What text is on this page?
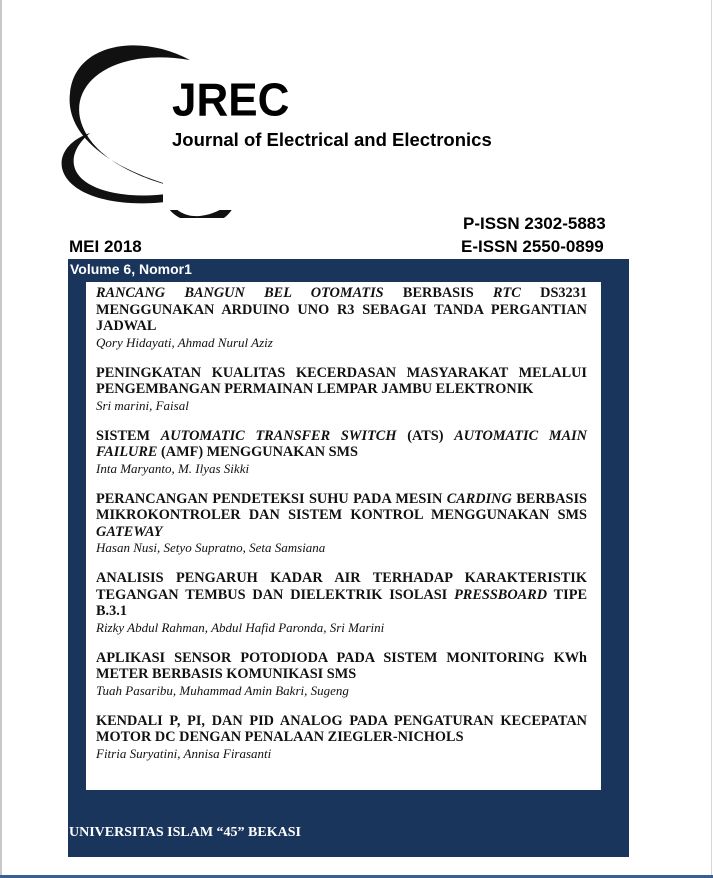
JREC
Journal of Electrical and Electronics
P-ISSN 2302-5883
MEI 2018	E-ISSN 2550-0899
Volume 6, Nomor1
RANCANG BANGUN BEL OTOMATIS BERBASIS RTC DS3231 MENGGUNAKAN ARDUINO UNO R3 SEBAGAI TANDA PERGANTIAN JADWAL
Qory Hidayati, Ahmad Nurul Aziz
PENINGKATAN KUALITAS KECERDASAN MASYARAKAT MELALUI PENGEMBANGAN PERMAINAN LEMPAR JAMBU ELEKTRONIK
Sri marini, Faisal
SISTEM AUTOMATIC TRANSFER SWITCH (ATS) AUTOMATIC MAIN FAILURE (AMF) MENGGUNAKAN SMS
Inta Maryanto, M. Ilyas Sikki
PERANCANGAN PENDETEKSI SUHU PADA MESIN CARDING BERBASIS MIKROKONTROLER DAN SISTEM KONTROL MENGGUNAKAN SMS GATEWAY
Hasan Nusi, Setyo Supratno, Seta Samsiana
ANALISIS PENGARUH KADAR AIR TERHADAP KARAKTERISTIK TEGANGAN TEMBUS DAN DIELEKTRIK ISOLASI PRESSBOARD TIPE B.3.1
Rizky Abdul Rahman, Abdul Hafid Paronda, Sri Marini
APLIKASI SENSOR POTODIODA PADA SISTEM MONITORING KWh METER BERBASIS KOMUNIKASI SMS
Tuah Pasaribu, Muhammad Amin Bakri, Sugeng
KENDALI P, PI, DAN PID ANALOG PADA PENGATURAN KECEPATAN MOTOR DC DENGAN PENALAAN ZIEGLER-NICHOLS
Fitria Suryatini, Annisa Firasanti
UNIVERSITAS ISLAM “45” BEKASI
